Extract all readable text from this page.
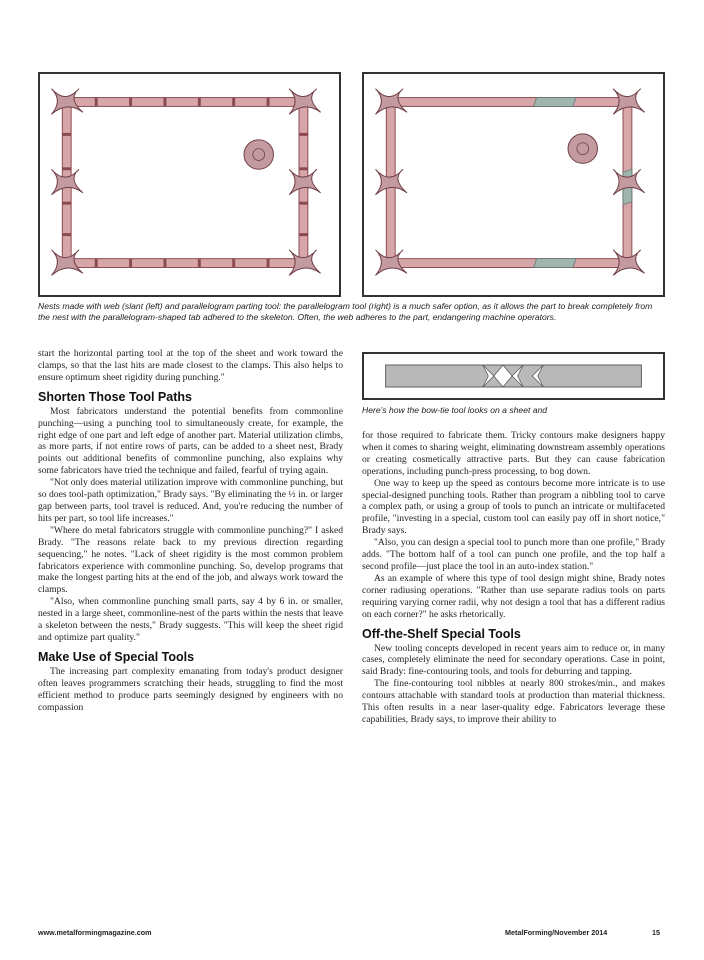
Nests made with web (slant (left) and parallelogram parting tool: the parallelogram tool (right) is a much safer option, as it allows the part to break completely from the nest with the parallelogram-shaped tab adhered to the skeleton. Often, the web adheres to the part, endangering machine operators.
Here's how the bow-tie tool looks on a sheet and

start the horizontal parting tool at the top of the sheet and work toward the clamps, so that the last hits are made closest to the clamps. This also helps to ensure optimum sheet rigidity during punching."

Shorten Those Tool Paths

Most fabricators understand the potential benefits from commonline punching—using a punching tool to simultaneously create, for example, the right edge of one part and left edge of another part. Material utilization climbs, as more parts, if not entire rows of parts, can be added to a sheet nest, Brady points out additional benefits of commonline punching, also explains why some fabricators have tried the technique and failed, fearful of trying again.

"Not only does material utilization improve with commonline punching, but so does tool-path optimization," Brady says. "By eliminating the ½ in. or larger gap between parts, tool travel is reduced. And, you're reducing the number of hits per part, so tool life increases."

"Where do metal fabricators struggle with commonline punching?" I asked Brady. "The reasons relate back to my previous direction regarding sequencing," he notes. "Lack of sheet rigidity is the most common problem fabricators experience with commonline punching. So, develop programs that make the longest parting hits at the end of the job, and always work toward the clamps.

"Also, when commonline punching small parts, say 4 by 6 in. or smaller, nested in a large sheet, commonline-nest of the parts within the nests that leave a skeleton between the nests," Brady suggests. "This will keep the sheet rigid and optimize part quality."

Make Use of Special Tools

The increasing part complexity emanating from today's product designer often leaves programmers scratching their heads, struggling to find the most efficient method to produce parts seemingly designed by engineers with no compassion

for those required to fabricate them. Tricky contours make designers happy when it comes to sharing weight, eliminating downstream assembly operations or creating cosmetically attractive parts. But they can cause fabrication operations, including punch-press processing, to bog down.

One way to keep up the speed as contours become more intricate is to use special-designed punching tools. Rather than program a nibbling tool to carve a complex path, or using a group of tools to punch an intricate or multifaceted profile, "investing in a special, custom tool can easily pay off in short notice," Brady says.

"Also, you can design a special tool to punch more than one profile," Brady adds. "The bottom half of a tool can punch one profile, and the top half a second profile—just place the tool in an auto-index station."

As an example of where this type of tool design might shine, Brady notes corner radiusing operations. "Rather than use separate radius tools on parts requiring varying corner radii, why not design a tool that has a different radius on each corner?" he asks rhetorically.

Off-the-Shelf Special Tools

New tooling concepts developed in recent years aim to reduce or, in many cases, completely eliminate the need for secondary operations. Case in point, said Brady: fine-contouring tools, and tools for deburring and tapping.

The fine-contouring tool nibbles at nearly 800 strokes/min., and makes contours attachable with standard tools at production than material thickness. This often results in a near laser-quality edge. Fabricators leverage these capabilities, Brady says, to improve their ability to

www.metalformingmagazine.com	MetalForming/November 2014	15
